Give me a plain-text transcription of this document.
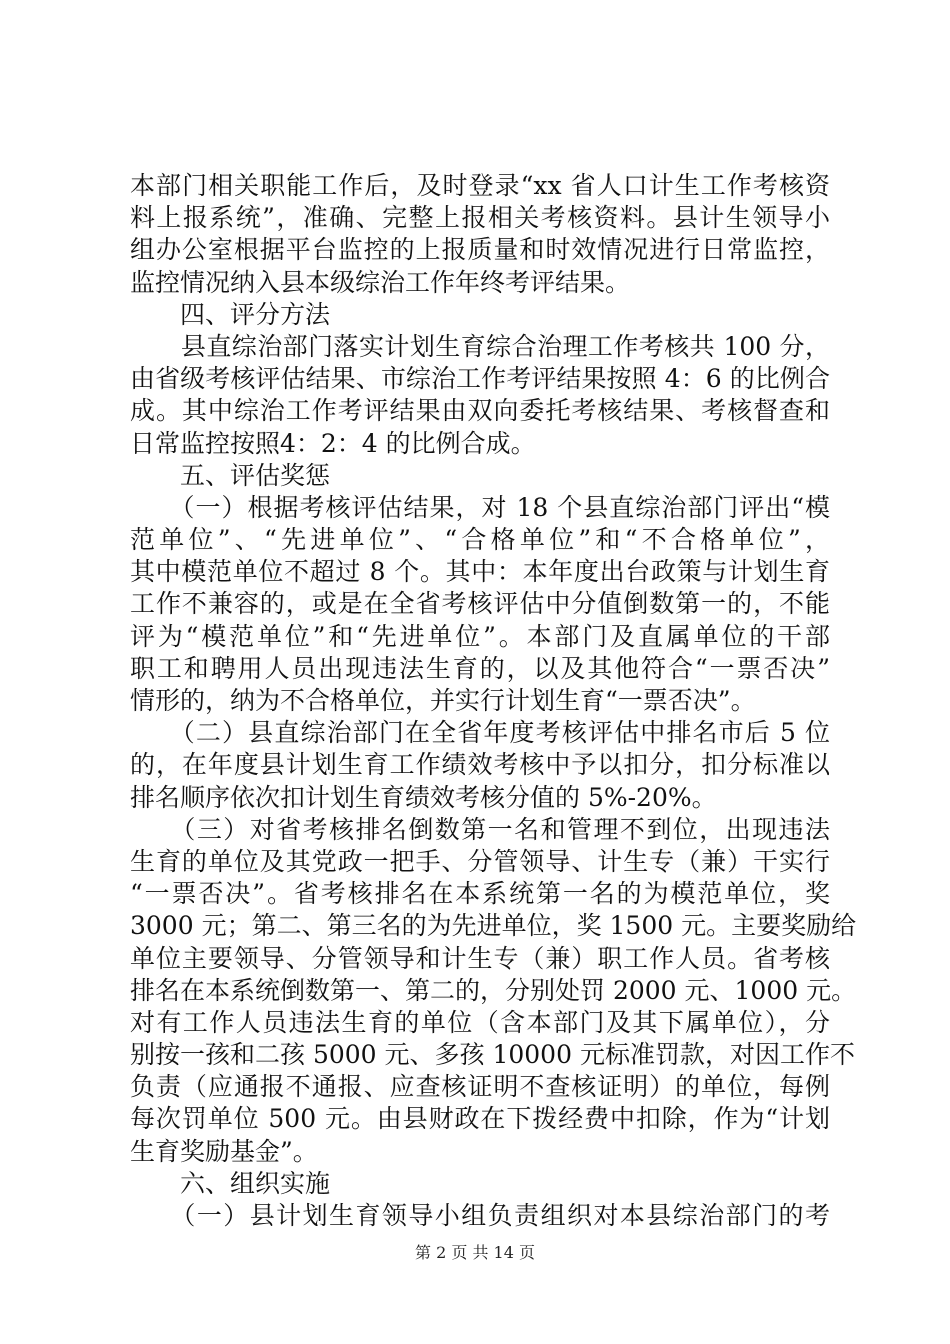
本部门相关职能工作后，及时登录“xx 省人口计生工作考核资
料上报系统”，准确、完整上报相关考核资料。县计生领导小
组办公室根据平台监控的上报质量和时效情况进行日常监控，
监控情况纳入县本级综治工作年终考评结果。
　　四、评分方法
　　县直综治部门落实计划生育综合治理工作考核共 100 分，
由省级考核评估结果、市综治工作考评结果按照 4：6 的比例合
成。其中综治工作考评结果由双向委托考核结果、考核督查和
日常监控按照4：2：4 的比例合成。
　　五、评估奖惩
　　（一）根据考核评估结果，对 18 个县直综治部门评出“模
范单位”、“先进单位”、“合格单位”和“不合格单位”，
其中模范单位不超过 8 个。其中：本年度出台政策与计划生育
工作不兼容的，或是在全省考核评估中分值倒数第一的，不能
评为“模范单位”和“先进单位”。本部门及直属单位的干部
职工和聘用人员出现违法生育的，以及其他符合“一票否决”
情形的，纳为不合格单位，并实行计划生育“一票否决”。
　　（二）县直综治部门在全省年度考核评估中排名市后 5 位
的，在年度县计划生育工作绩效考核中予以扣分，扣分标准以
排名顺序依次扣计划生育绩效考核分值的 5%-20%。
　　（三）对省考核排名倒数第一名和管理不到位，出现违法
生育的单位及其党政一把手、分管领导、计生专（兼）干实行
“一票否决”。省考核排名在本系统第一名的为模范单位，奖
3000 元；第二、第三名的为先进单位，奖 1500 元。主要奖励给
单位主要领导、分管领导和计生专（兼）职工作人员。省考核
排名在本系统倒数第一、第二的，分别处罚 2000 元、1000 元。
对有工作人员违法生育的单位（含本部门及其下属单位），分
别按一孩和二孩 5000 元、多孩 10000 元标准罚款，对因工作不
负责（应通报不通报、应查核证明不查核证明）的单位，每例
每次罚单位 500 元。由县财政在下拨经费中扣除，作为“计划
生育奖励基金”。
　　六、组织实施
　　（一）县计划生育领导小组负责组织对本县综治部门的考
第 2 页 共 14 页
